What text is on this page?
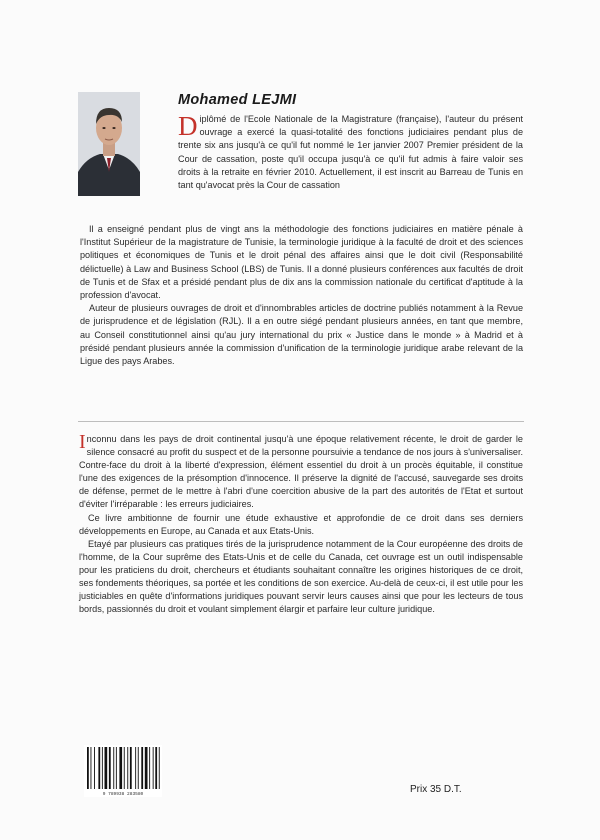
Mohamed LEJMI
Diplômé de l'Ecole Nationale de la Magistrature (française), l'auteur du présent ouvrage a exercé la quasi-totalité des fonctions judiciaires pendant plus de trente six ans jusqu'à ce qu'il fut nommé le 1er janvier 2007 Premier président de la Cour de cassation, poste qu'il occupa jusqu'à ce qu'il fut admis à faire valoir ses droits à la retraite en février 2010. Actuellement, il est inscrit au Barreau de Tunis en tant qu'avocat près la Cour de cassation

Il a enseigné pendant plus de vingt ans la méthodologie des fonctions judiciaires en matière pénale à l'Institut Supérieur de la magistrature de Tunisie, la terminologie juridique à la faculté de droit et des sciences politiques et économiques de Tunis et le droit pénal des affaires ainsi que le doit civil (Responsabilité délictuelle) à Law and Business School (LBS) de Tunis. Il a donné plusieurs conférences aux facultés de droit de Tunis et de Sfax et a présidé pendant plus de dix ans la commission nationale du certificat d'aptitude à la profession d'avocat.

Auteur de plusieurs ouvrages de droit et d'innombrables articles de doctrine publiés notamment à la Revue de jurisprudence et de législation (RJL). Il a en outre siégé pendant plusieurs années, en tant que membre, au Conseil constitutionnel ainsi qu'au jury international du prix « Justice dans le monde » à Madrid et à présidé pendant plusieurs année la commission d'unification de la terminologie juridique arabe relevant de la Ligue des pays Arabes.

Inconnu dans les pays de droit continental jusqu'à une époque relativement récente, le droit de garder le silence consacré au profit du suspect et de la personne poursuivie a tendance de nos jours à s'universaliser. Contre-face du droit à la liberté d'expression, élément essentiel du droit à un procès équitable, il constitue l'une des exigences de la présomption d'innocence. Il préserve la dignité de l'accusé, sauvegarde ses droits de défense, permet de le mettre à l'abri d'une coercition abusive de la part des autorités de l'Etat et surtout d'éviter l'irréparable : les erreurs judiciaires.

Ce livre ambitionne de fournir une étude exhaustive et approfondie de ce droit dans ses derniers développements en Europe, au Canada et aux Etats-Unis.

Etayé par plusieurs cas pratiques tirés de la jurisprudence notamment de la Cour européenne des droits de l'homme, de la Cour suprême des Etats-Unis et de celle du Canada, cet ouvrage est un outil indispensable pour les praticiens du droit, chercheurs et étudiants souhaitant connaître les origines historiques de ce droit, ses fondements théoriques, sa portée et les conditions de son exercice. Au-delà de ceux-ci, il est utile pour les justiciables en quête d'informations juridiques pouvant servir leurs causes ainsi que pour les lecteurs de tous bords, passionnés du droit et voulant simplement élargir et parfaire leur culture juridique.

9 789938 283580	Prix 35 D.T.
